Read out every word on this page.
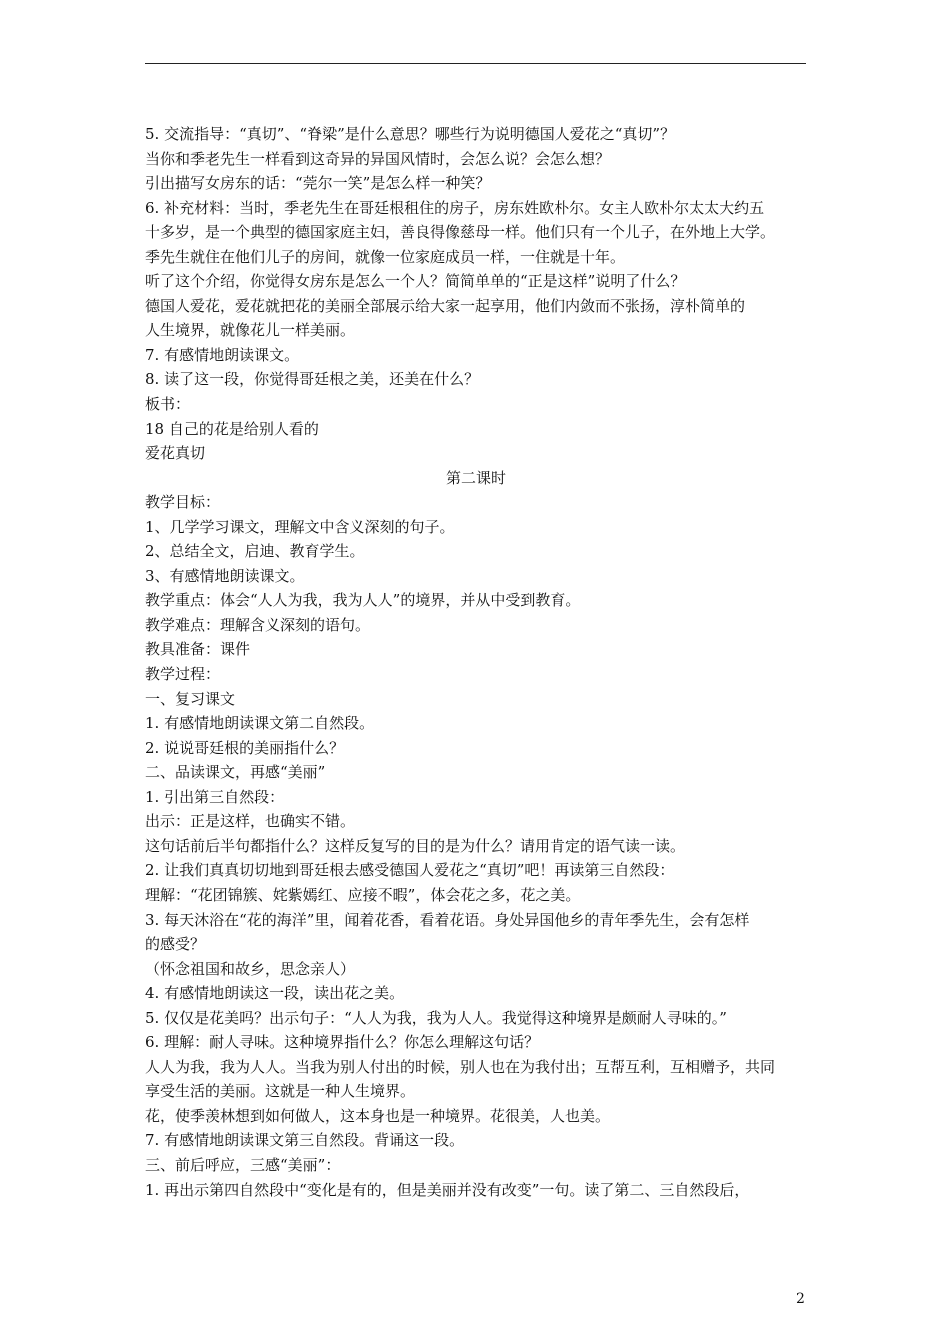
5. 交流指导：“真切”、“脊梁”是什么意思？哪些行为说明德国人爱花之“真切”？
当你和季老先生一样看到这奇异的异国风情时，会怎么说？会怎么想？
引出描写女房东的话：“莞尔一笑”是怎么样一种笑？
6. 补充材料：当时，季老先生在哥廷根租住的房子，房东姓欧朴尔。女主人欧朴尔太太大约五
十多岁，是一个典型的德国家庭主妇，善良得像慈母一样。他们只有一个儿子，在外地上大学。
季先生就住在他们儿子的房间，就像一位家庭成员一样，一住就是十年。
听了这个介绍，你觉得女房东是怎么一个人？简简单单的“正是这样”说明了什么？
德国人爱花，爱花就把花的美丽全部展示给大家一起享用，他们内敛而不张扬，淳朴简单的
人生境界，就像花儿一样美丽。
7. 有感情地朗读课文。
8. 读了这一段，你觉得哥廷根之美，还美在什么？
板书：
18 自己的花是给别人看的
爱花真切
第二课时
教学目标：
1、几学学习课文，理解文中含义深刻的句子。
2、总结全文，启迪、教育学生。
3、有感情地朗读课文。
教学重点：体会“人人为我，我为人人”的境界，并从中受到教育。
教学难点：理解含义深刻的语句。
教具准备：课件
教学过程：
一、复习课文
1. 有感情地朗读课文第二自然段。
2. 说说哥廷根的美丽指什么？
二、品读课文，再感“美丽”
1. 引出第三自然段：
出示：正是这样，也确实不错。
这句话前后半句都指什么？这样反复写的目的是为什么？请用肯定的语气读一读。
2. 让我们真真切切地到哥廷根去感受德国人爱花之“真切”吧！再读第三自然段：
理解：“花团锦簇、姹紫嫣红、应接不暇”，体会花之多，花之美。
3. 每天沐浴在“花的海洋”里，闻着花香，看着花语。身处异国他乡的青年季先生，会有怎样
的感受？
（怀念祖国和故乡，思念亲人）
4. 有感情地朗读这一段，读出花之美。
5. 仅仅是花美吗？出示句子：“人人为我，我为人人。我觉得这种境界是颇耐人寻味的。”
6. 理解：耐人寻味。这种境界指什么？你怎么理解这句话？
人人为我，我为人人。当我为别人付出的时候，别人也在为我付出；互帮互利，互相赠予，共同
享受生活的美丽。这就是一种人生境界。
花，使季羡林想到如何做人，这本身也是一种境界。花很美，人也美。
7. 有感情地朗读课文第三自然段。背诵这一段。
三、前后呼应，三感“美丽”：
1. 再出示第四自然段中“变化是有的，但是美丽并没有改变”一句。读了第二、三自然段后，
2
